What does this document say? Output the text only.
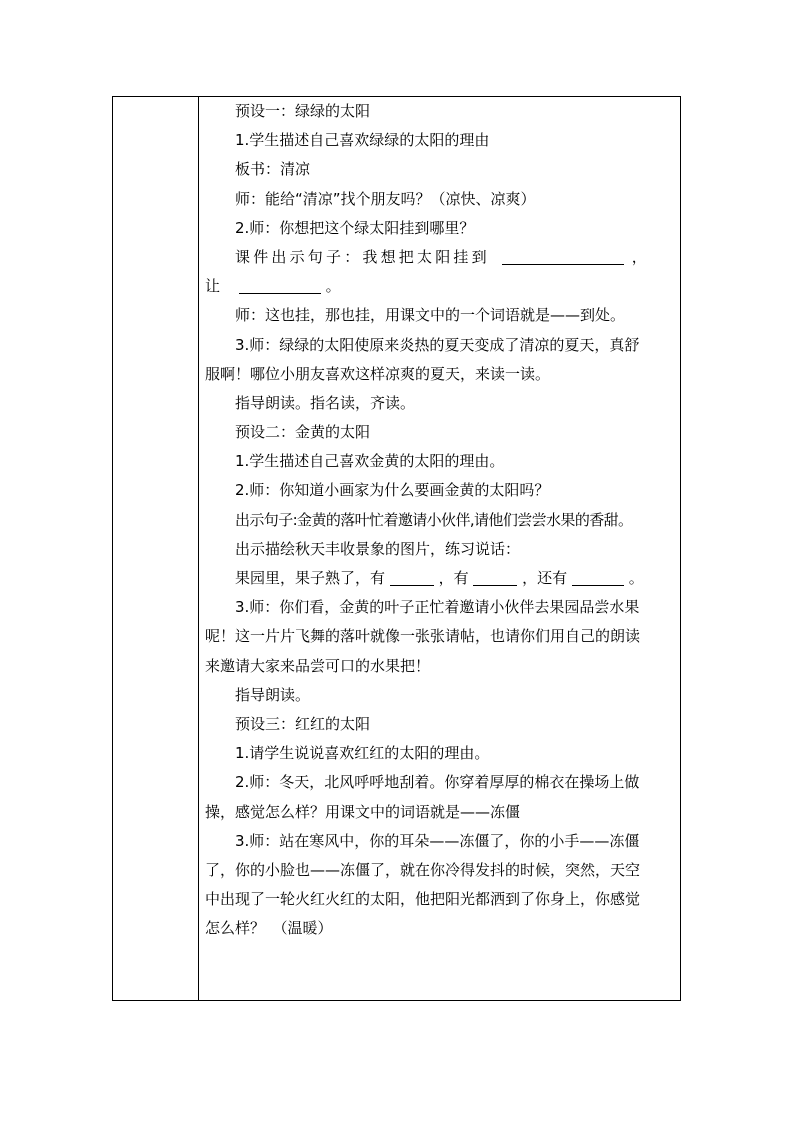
预设一：绿绿的太阳
1.学生描述自己喜欢绿绿的太阳的理由
板书：清凉
师：能给“清凉”找个朋友吗？（凉快、凉爽）
2.师：你想把这个绿太阳挂到哪里？
课件出示句子：我想把太阳挂到	，
让	。
师：这也挂，那也挂，用课文中的一个词语就是——到处。
3.师：绿绿的太阳使原来炎热的夏天变成了清凉的夏天，真舒
服啊！哪位小朋友喜欢这样凉爽的夏天，来读一读。
指导朗读。指名读，齐读。
预设二：金黄的太阳
1.学生描述自己喜欢金黄的太阳的理由。
2.师：你知道小画家为什么要画金黄的太阳吗？
出示句子:金黄的落叶忙着邀请小伙伴,请他们尝尝水果的香甜。
出示描绘秋天丰收景象的图片，练习说话：
果园里，果子熟了，有	，有	，还有	。
3.师：你们看，金黄的叶子正忙着邀请小伙伴去果园品尝水果
呢！这一片片飞舞的落叶就像一张张请帖，也请你们用自己的朗读
来邀请大家来品尝可口的水果把！
指导朗读。
预设三：红红的太阳
1.请学生说说喜欢红红的太阳的理由。
2.师：冬天，北风呼呼地刮着。你穿着厚厚的棉衣在操场上做
操，感觉怎么样？用课文中的词语就是——冻僵
3.师：站在寒风中，你的耳朵——冻僵了，你的小手——冻僵
了，你的小脸也——冻僵了，就在你冷得发抖的时候，突然，天空
中出现了一轮火红火红的太阳，他把阳光都洒到了你身上，你感觉
怎么样？　（温暖）
